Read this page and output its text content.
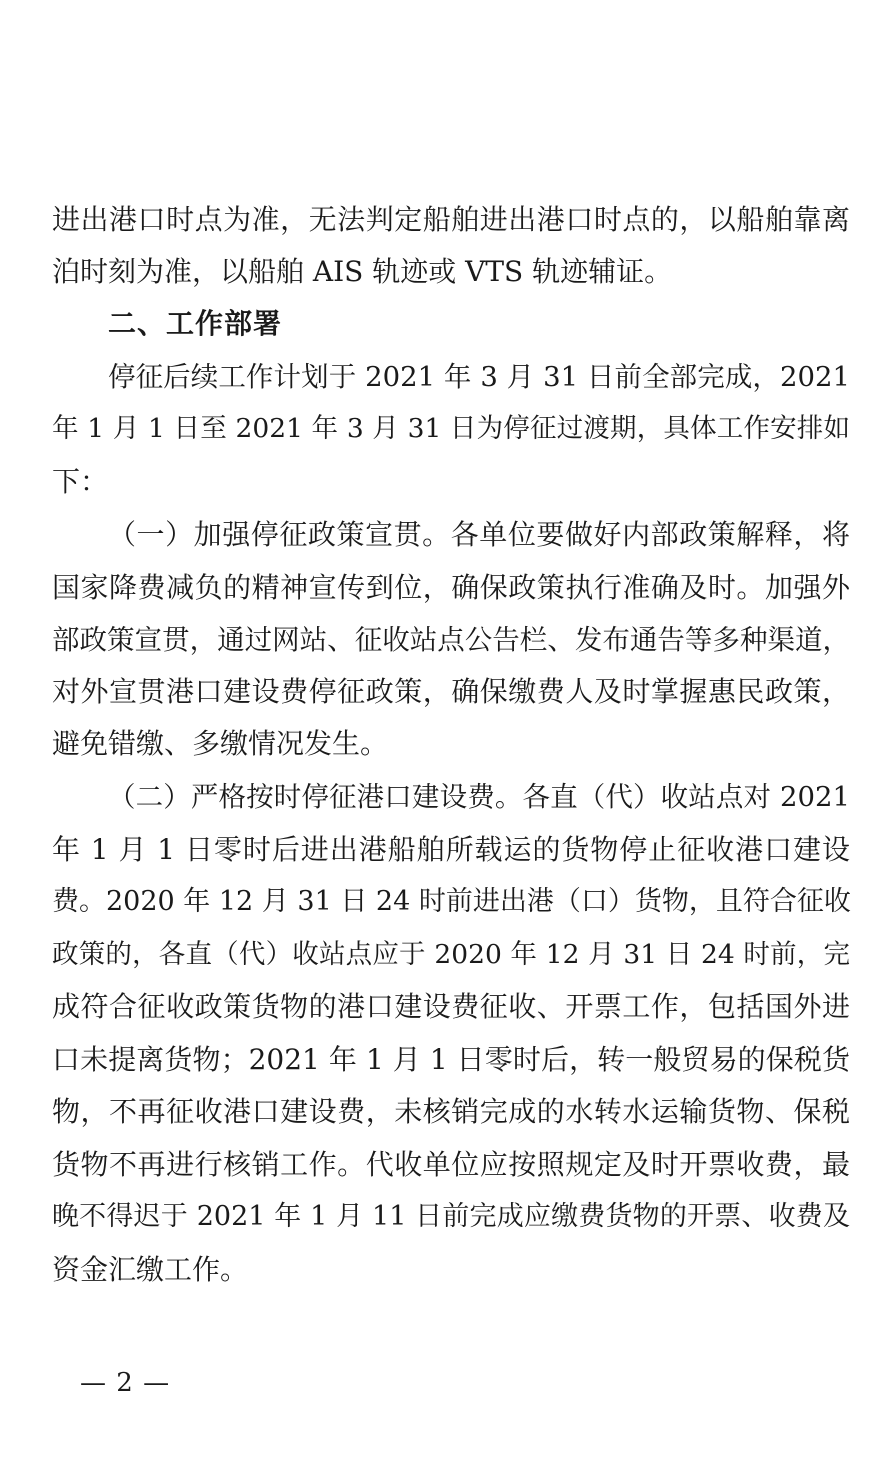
进出港口时点为准，无法判定船舶进出港口时点的，以船舶靠离
泊时刻为准，以船舶 AIS 轨迹或 VTS 轨迹辅证。
二、工作部署
停征后续工作计划于 2021 年 3 月 31 日前全部完成，2021
年 1 月 1 日至 2021 年 3 月 31 日为停征过渡期，具体工作安排如
下：
（一）加强停征政策宣贯。各单位要做好内部政策解释，将
国家降费减负的精神宣传到位，确保政策执行准确及时。加强外
部政策宣贯，通过网站、征收站点公告栏、发布通告等多种渠道，
对外宣贯港口建设费停征政策，确保缴费人及时掌握惠民政策，
避免错缴、多缴情况发生。
（二）严格按时停征港口建设费。各直（代）收站点对 2021
年 1 月 1 日零时后进出港船舶所载运的货物停止征收港口建设
费。2020 年 12 月 31 日 24 时前进出港（口）货物，且符合征收
政策的，各直（代）收站点应于 2020 年 12 月 31 日 24 时前，完
成符合征收政策货物的港口建设费征收、开票工作，包括国外进
口未提离货物；2021 年 1 月 1 日零时后，转一般贸易的保税货
物，不再征收港口建设费，未核销完成的水转水运输货物、保税
货物不再进行核销工作。代收单位应按照规定及时开票收费，最
晚不得迟于 2021 年 1 月 11 日前完成应缴费货物的开票、收费及
资金汇缴工作。
— 2 —
